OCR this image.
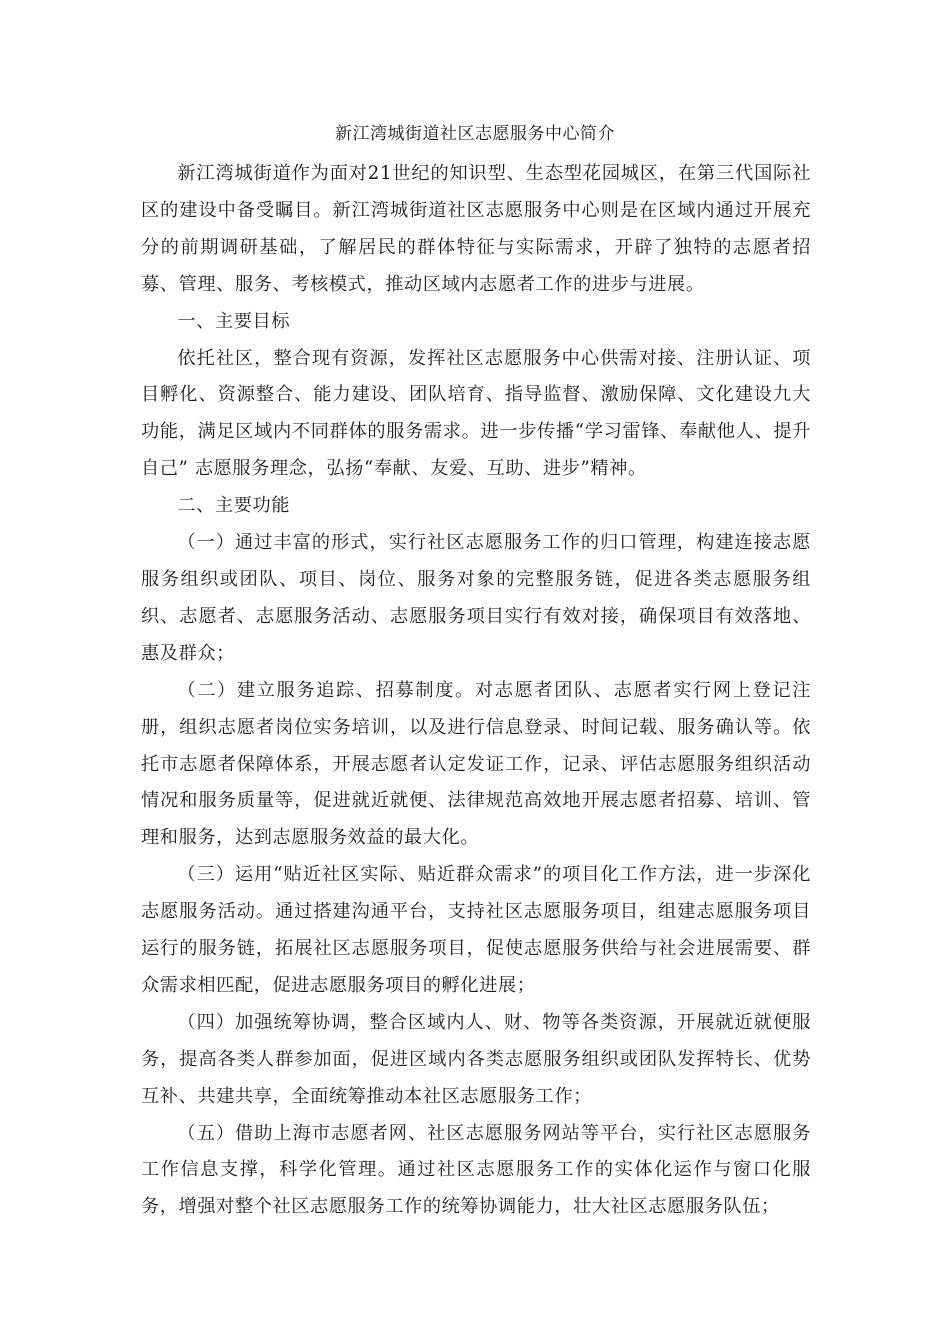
新江湾城街道社区志愿服务中心简介

新江湾城街道作为面对21世纪的知识型、生态型花园城区，在第三代国际社区的建设中备受瞩目。新江湾城街道社区志愿服务中心则是在区域内通过开展充分的前期调研基础，了解居民的群体特征与实际需求，开辟了独特的志愿者招募、管理、服务、考核模式，推动区域内志愿者工作的进步与进展。

一、主要目标

依托社区，整合现有资源，发挥社区志愿服务中心供需对接、注册认证、项目孵化、资源整合、能力建设、团队培育、指导监督、激励保障、文化建设九大功能，满足区域内不同群体的服务需求。进一步传播“学习雷锋、奉献他人、提升自己” 志愿服务理念，弘扬“奉献、友爱、互助、进步”精神。

二、主要功能

（一）通过丰富的形式，实行社区志愿服务工作的归口管理，构建连接志愿服务组织或团队、项目、岗位、服务对象的完整服务链，促进各类志愿服务组织、志愿者、志愿服务活动、志愿服务项目实行有效对接，确保项目有效落地、惠及群众；

（二）建立服务追踪、招募制度。对志愿者团队、志愿者实行网上登记注册，组织志愿者岗位实务培训，以及进行信息登录、时间记载、服务确认等。依托市志愿者保障体系，开展志愿者认定发证工作，记录、评估志愿服务组织活动情况和服务质量等，促进就近就便、法律规范高效地开展志愿者招募、培训、管理和服务，达到志愿服务效益的最大化。

（三）运用“贴近社区实际、贴近群众需求”的项目化工作方法，进一步深化志愿服务活动。通过搭建沟通平台，支持社区志愿服务项目，组建志愿服务项目运行的服务链，拓展社区志愿服务项目，促使志愿服务供给与社会进展需要、群众需求相匹配，促进志愿服务项目的孵化进展；

（四）加强统筹协调，整合区域内人、财、物等各类资源，开展就近就便服务，提高各类人群参加面，促进区域内各类志愿服务组织或团队发挥特长、优势互补、共建共享，全面统筹推动本社区志愿服务工作；

（五）借助上海市志愿者网、社区志愿服务网站等平台，实行社区志愿服务工作信息支撑，科学化管理。通过社区志愿服务工作的实体化运作与窗口化服务，增强对整个社区志愿服务工作的统筹协调能力，壮大社区志愿服务队伍；
